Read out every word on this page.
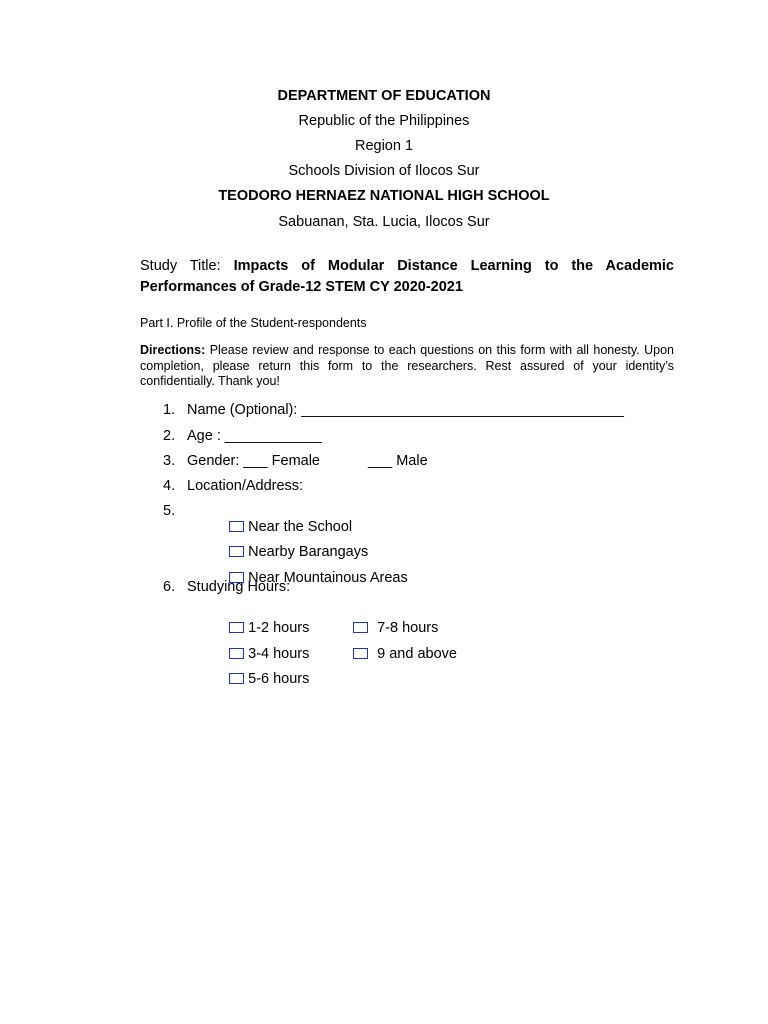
DEPARTMENT OF EDUCATION
Republic of the Philippines
Region 1
Schools Division of Ilocos Sur
TEODORO HERNAEZ NATIONAL HIGH SCHOOL
Sabuanan, Sta. Lucia, Ilocos Sur
Study Title: Impacts of Modular Distance Learning to the Academic Performances of Grade-12 STEM CY 2020-2021
Part I. Profile of the Student-respondents
Directions: Please review and response to each questions on this form with all honesty. Upon completion, please return this form to the researchers. Rest assured of your identity’s confidentially. Thank you!
1. Name (Optional): ________________________________________
2. Age : ____________
3. Gender: ___ Female	___ Male
4. Location/Address:
5.

Near the School

Nearby Barangays

Near Mountainous Areas

6. Studying Hours:

1-2 hours

3-4 hours

5-6 hours

7-8 hours

9 and above
